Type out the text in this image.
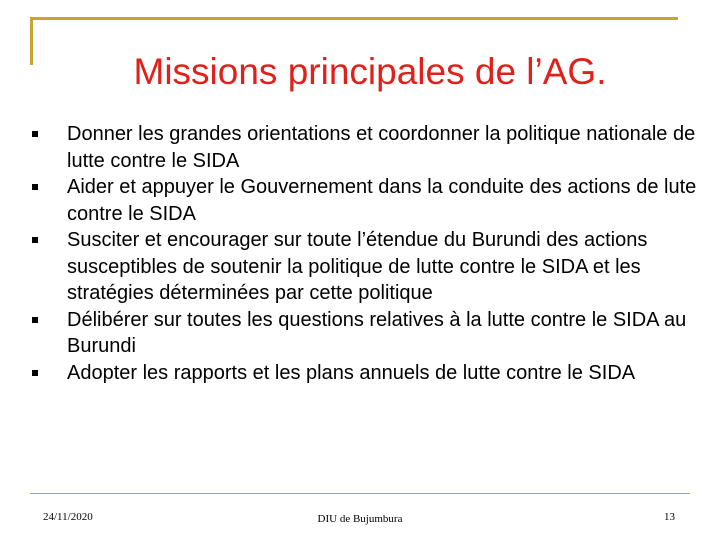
Missions principales de l’AG.
Donner les grandes orientations et coordonner la politique nationale de lutte contre le SIDA
Aider et appuyer le Gouvernement dans la conduite des actions de lute contre le SIDA
Susciter et encourager sur toute l’étendue du Burundi des actions susceptibles de soutenir la politique de lutte contre le SIDA et les stratégies déterminées par cette politique
Délibérer sur toutes les questions relatives à la lutte contre le SIDA au Burundi
Adopter les rapports et les plans annuels de lutte contre le SIDA
24/11/2020	DIU de Bujumbura	13
